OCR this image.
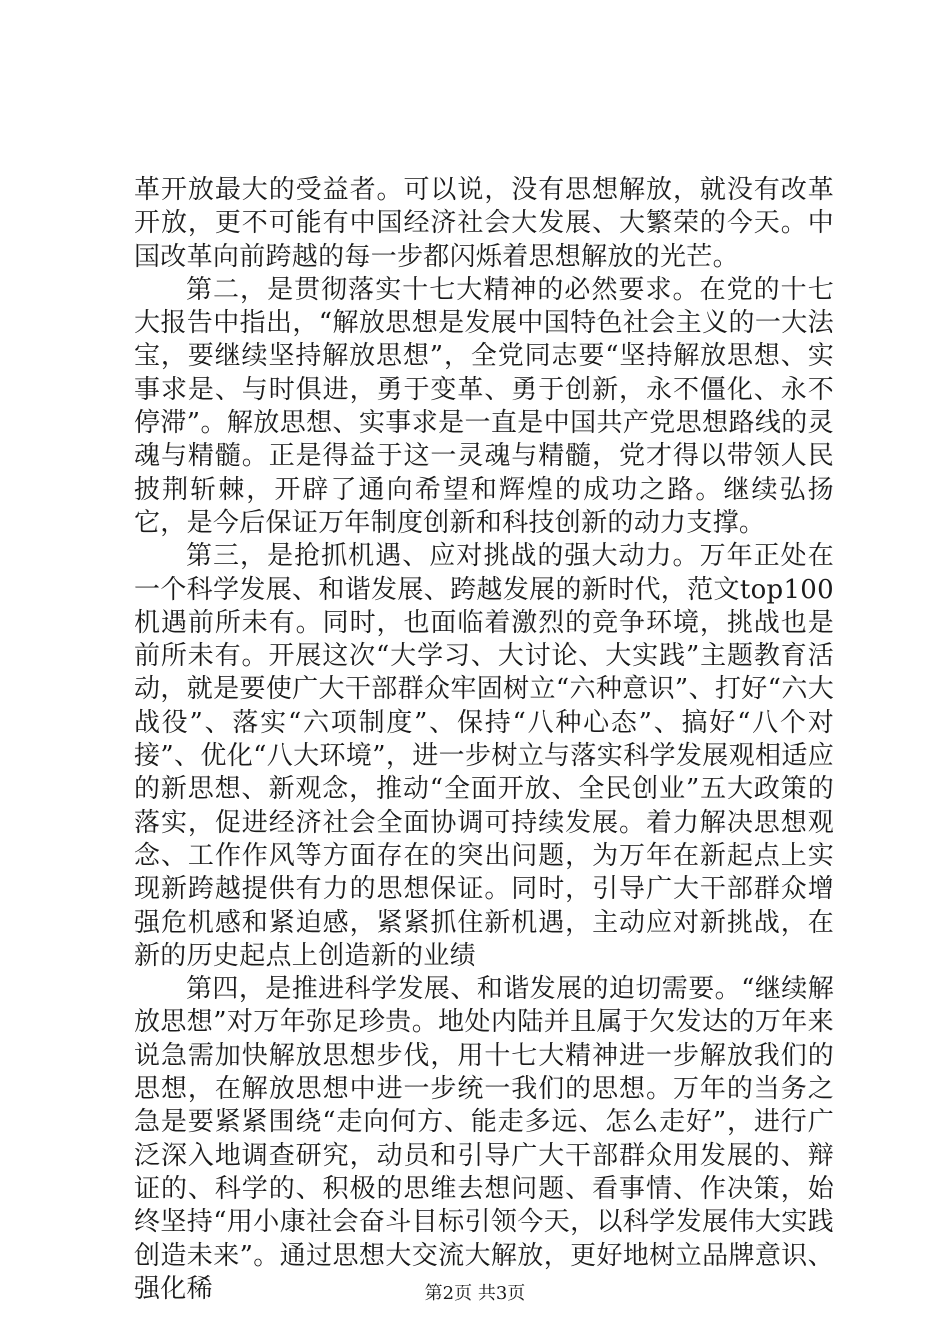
革开放最大的受益者。可以说，没有思想解放，就没有改革开放，更不可能有中国经济社会大发展、大繁荣的今天。中国改革向前跨越的每一步都闪烁着思想解放的光芒。

第二，是贯彻落实十七大精神的必然要求。在党的十七大报告中指出，“解放思想是发展中国特色社会主义的一大法宝，要继续坚持解放思想”，全党同志要“坚持解放思想、实事求是、与时俱进，勇于变革、勇于创新，永不僵化、永不停滞”。解放思想、实事求是一直是中国共产党思想路线的灵魂与精髓。正是得益于这一灵魂与精髓，党才得以带领人民披荆斩棘，开辟了通向希望和辉煌的成功之路。继续弘扬它，是今后保证万年制度创新和科技创新的动力支撑。

第三，是抢抓机遇、应对挑战的强大动力。万年正处在一个科学发展、和谐发展、跨越发展的新时代，范文top100机遇前所未有。同时，也面临着激烈的竞争环境，挑战也是前所未有。开展这次“大学习、大讨论、大实践”主题教育活动，就是要使广大干部群众牢固树立“六种意识”、打好“六大战役”、落实“六项制度”、保持“八种心态”、搞好“八个对接”、优化“八大环境”，进一步树立与落实科学发展观相适应的新思想、新观念，推动“全面开放、全民创业”五大政策的落实，促进经济社会全面协调可持续发展。着力解决思想观念、工作作风等方面存在的突出问题，为万年在新起点上实现新跨越提供有力的思想保证。同时，引导广大干部群众增强危机感和紧迫感，紧紧抓住新机遇，主动应对新挑战，在新的历史起点上创造新的业绩

第四，是推进科学发展、和谐发展的迫切需要。“继续解放思想”对万年弥足珍贵。地处内陆并且属于欠发达的万年来说急需加快解放思想步伐，用十七大精神进一步解放我们的思想，在解放思想中进一步统一我们的思想。万年的当务之急是要紧紧围绕“走向何方、能走多远、怎么走好”，进行广泛深入地调查研究，动员和引导广大干部群众用发展的、辩证的、科学的、积极的思维去想问题、看事情、作决策，始终坚持“用小康社会奋斗目标引领今天，以科学发展伟大实践创造未来”。通过思想大交流大解放，更好地树立品牌意识、强化稀	第2页 共3页
